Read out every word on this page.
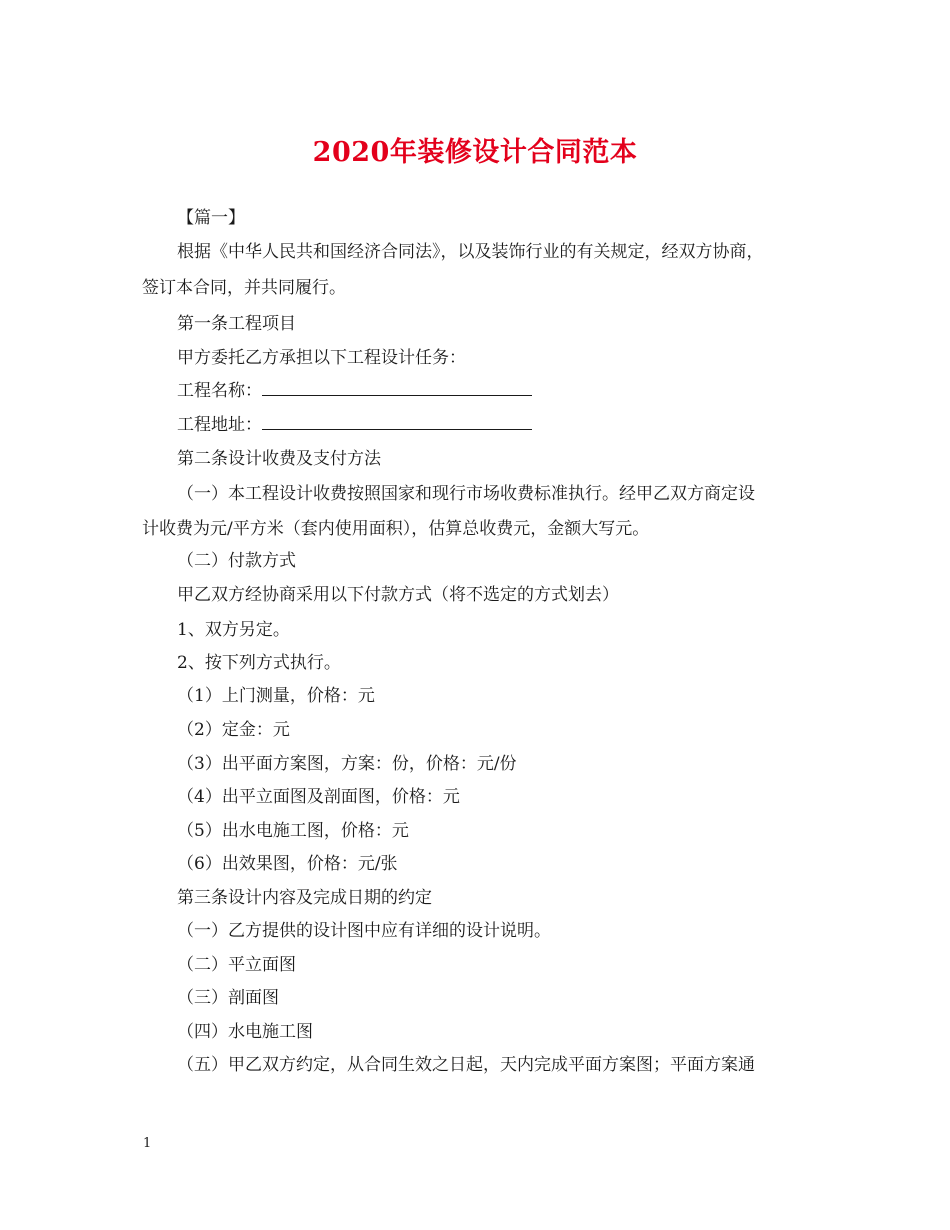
2020年装修设计合同范本
【篇一】
根据《中华人民共和国经济合同法》，以及装饰行业的有关规定，经双方协商，
签订本合同，并共同履行。
第一条工程项目
甲方委托乙方承担以下工程设计任务：
工程名称：
工程地址：
第二条设计收费及支付方法
（一）本工程设计收费按照国家和现行市场收费标准执行。经甲乙双方商定设
计收费为元/平方米（套内使用面积），估算总收费元，金额大写元。
（二）付款方式
甲乙双方经协商采用以下付款方式（将不选定的方式划去）
1、双方另定。
2、按下列方式执行。
（1）上门测量，价格：元
（2）定金：元
（3）出平面方案图，方案：份，价格：元/份
（4）出平立面图及剖面图，价格：元
（5）出水电施工图，价格：元
（6）出效果图，价格：元/张
第三条设计内容及完成日期的约定
（一）乙方提供的设计图中应有详细的设计说明。
（二）平立面图
（三）剖面图
（四）水电施工图
（五）甲乙双方约定，从合同生效之日起，天内完成平面方案图；平面方案通
1
